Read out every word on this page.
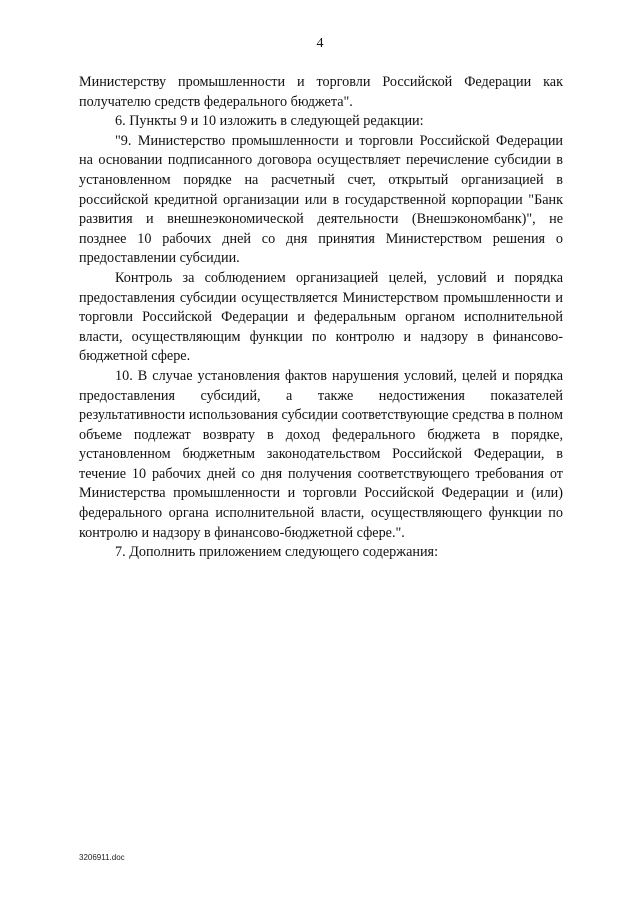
4

Министерству промышленности и торговли Российской Федерации как получателю средств федерального бюджета".

6. Пункты 9 и 10 изложить в следующей редакции:

"9. Министерство промышленности и торговли Российской Федерации на основании подписанного договора осуществляет перечисление субсидии в установленном порядке на расчетный счет, открытый организацией в российской кредитной организации или в государственной корпорации "Банк развития и внешнеэкономической деятельности (Внешэкономбанк)", не позднее 10 рабочих дней со дня принятия Министерством решения о предоставлении субсидии.

Контроль за соблюдением организацией целей, условий и порядка предоставления субсидии осуществляется Министерством промышленности и торговли Российской Федерации и федеральным органом исполнительной власти, осуществляющим функции по контролю и надзору в финансово-бюджетной сфере.

10. В случае установления фактов нарушения условий, целей и порядка предоставления субсидий, а также недостижения показателей результативности использования субсидии соответствующие средства в полном объеме подлежат возврату в доход федерального бюджета в порядке, установленном бюджетным законодательством Российской Федерации, в течение 10 рабочих дней со дня получения соответствующего требования от Министерства промышленности и торговли Российской Федерации и (или) федерального органа исполнительной власти, осуществляющего функции по контролю и надзору в финансово-бюджетной сфере.".

7. Дополнить приложением следующего содержания:

3206911.doc
